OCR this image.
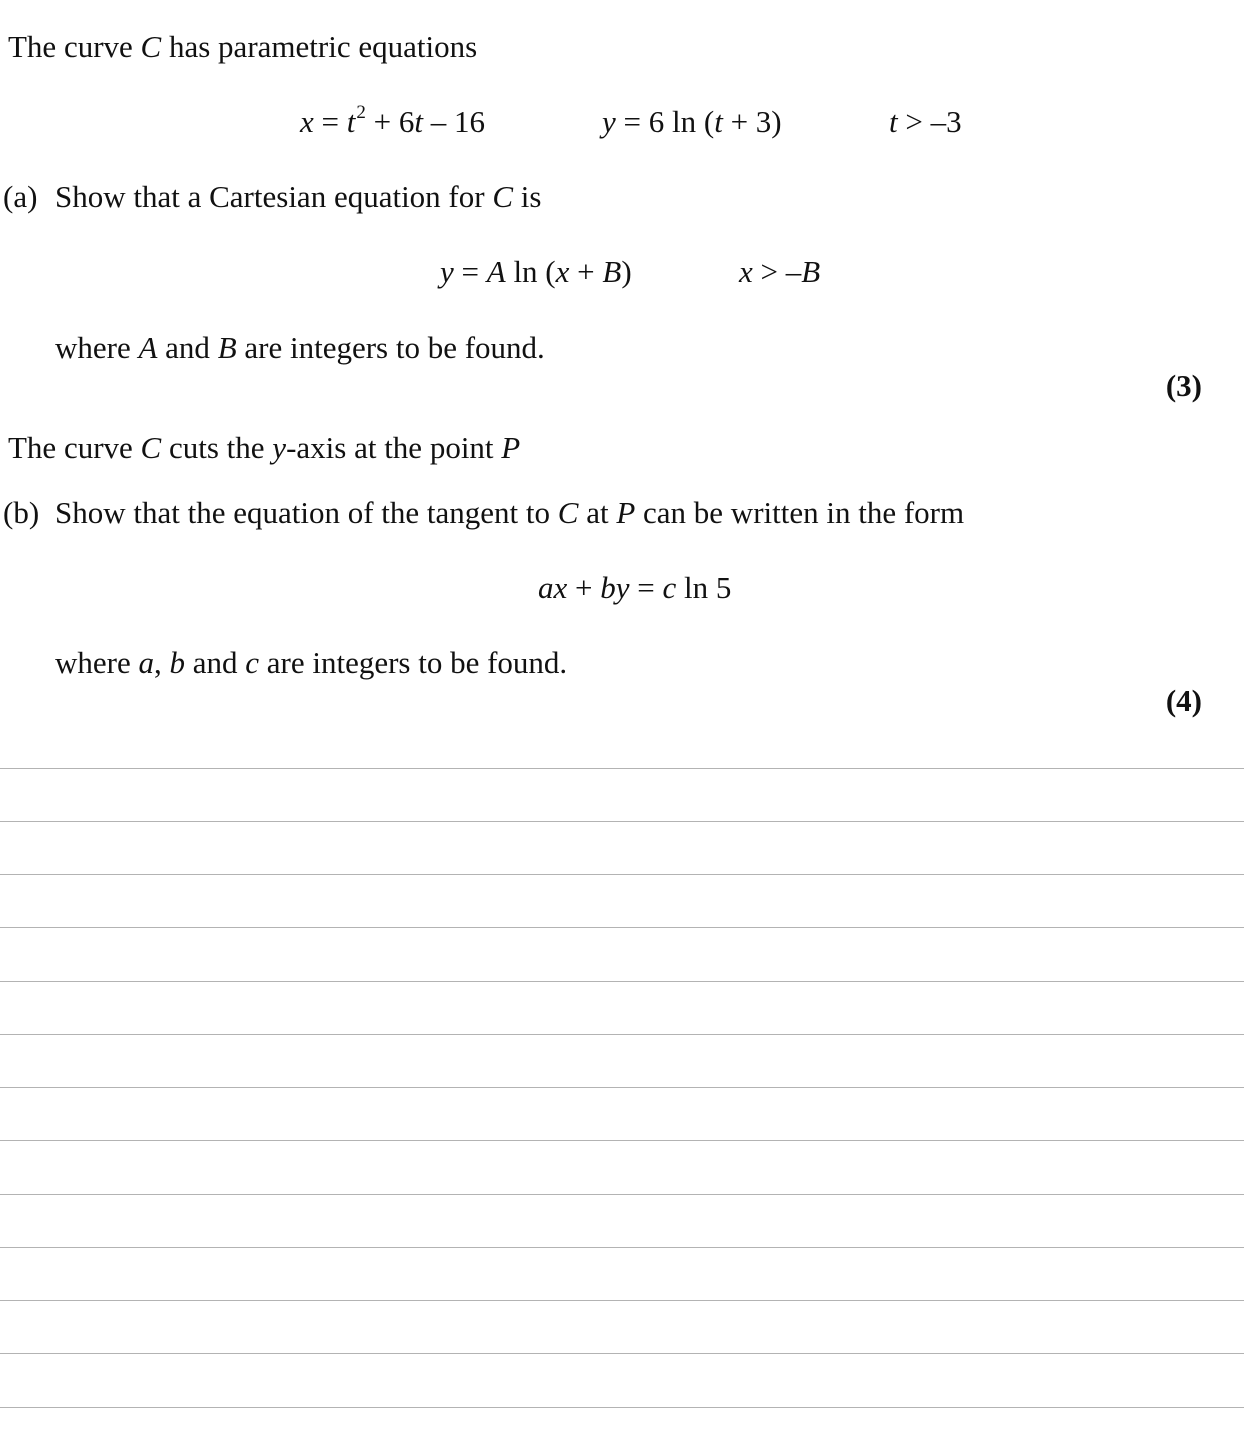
The curve C has parametric equations
$x = t^2 + 6t - 16$	y = 6 ln (t + 3)	t > –3
(a) Show that a Cartesian equation for C is
y = A ln (x + B)	x > –B
where A and B are integers to be found.
(3)
The curve C cuts the y-axis at the point P
(b) Show that the equation of the tangent to C at P can be written in the form
ax + by = c ln 5
where a, b and c are integers to be found.
(4)
